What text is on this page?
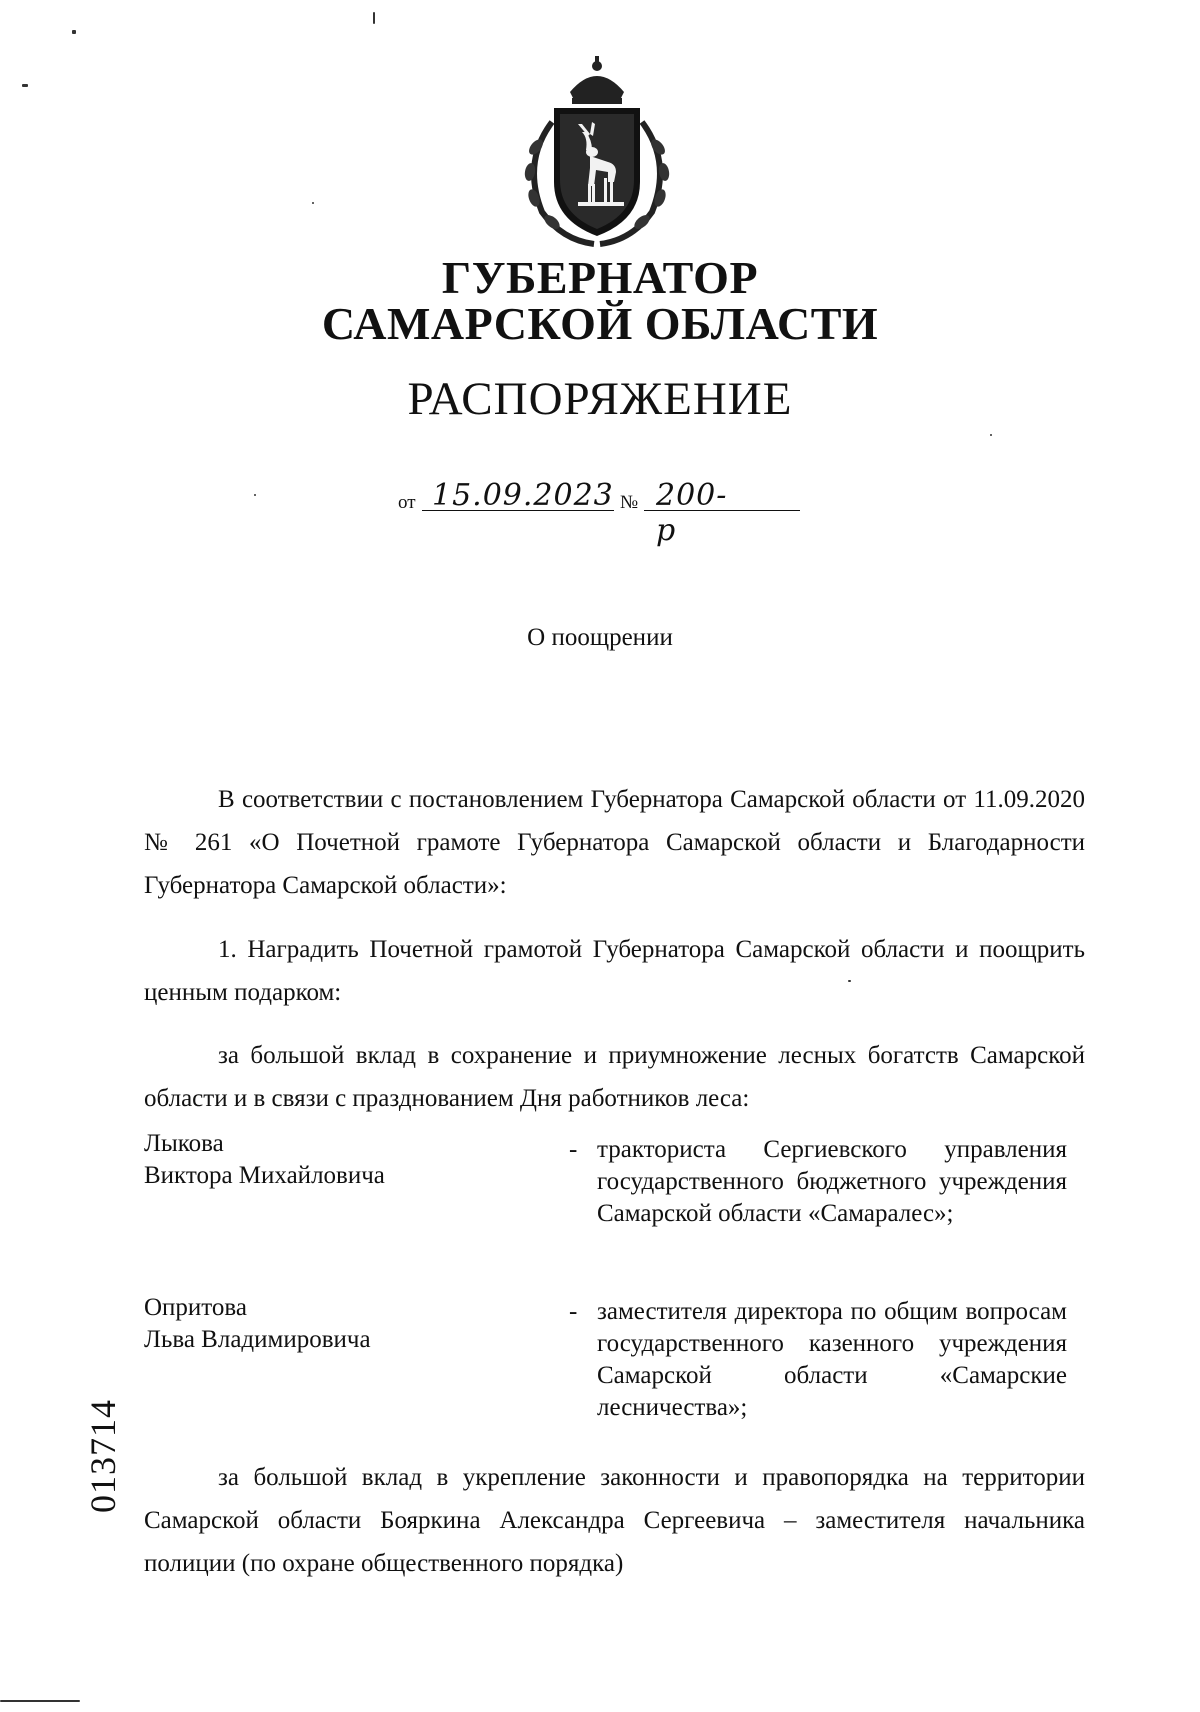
ГУБЕРНАТОР
САМАРСКОЙ ОБЛАСТИ
РАСПОРЯЖЕНИЕ
от 15.09.2023 № 200-р
О поощрении
В соответствии с постановлением Губернатора Самарской области от 11.09.2020 № 261 «О Почетной грамоте Губернатора Самарской области и Благодарности Губернатора Самарской области»:
1. Наградить Почетной грамотой Губернатора Самарской области и поощрить ценным подарком:
за большой вклад в сохранение и приумножение лесных богатств Самарской области и в связи с празднованием Дня работников леса:
Лыкова
Виктора Михайловича
- тракториста Сергиевского управления государственного бюджетного учреждения Самарской области «Самаралес»;
Опритова
Льва Владимировича
- заместителя директора по общим вопросам государственного казенного учреждения Самарской области «Самарские лесничества»;
за большой вклад в укрепление законности и правопорядка на территории Самарской области Бояркина Александра Сергеевича – заместителя начальника полиции (по охране общественного порядка)
013714
